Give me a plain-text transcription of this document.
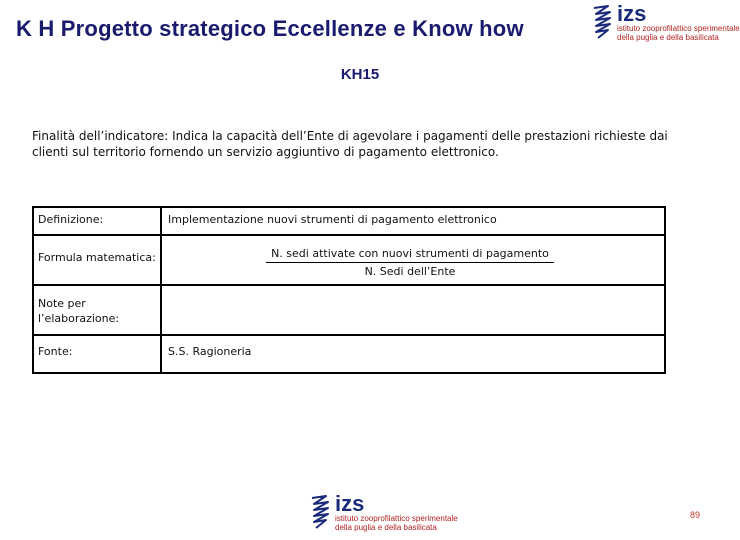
K H Progetto strategico Eccellenze e Know how
izs
istituto zooprofilattico sperimentale
della puglia e della basilicata
KH15
Finalità dell’indicatore: Indica la capacità dell’Ente di agevolare i pagamenti delle prestazioni richieste dai clienti sul territorio fornendo un servizio aggiuntivo di pagamento elettronico.
Definizione:	Implementazione nuovi strumenti di pagamento elettronico
Formula matematica:	N. sedi attivate con nuovi strumenti di pagamento
N. Sedi dell’Ente
Note per l’elaborazione:
Fonte:	S.S. Ragioneria
izs
istituto zooprofilattico sperimentale
della puglia e della basilicata
89
